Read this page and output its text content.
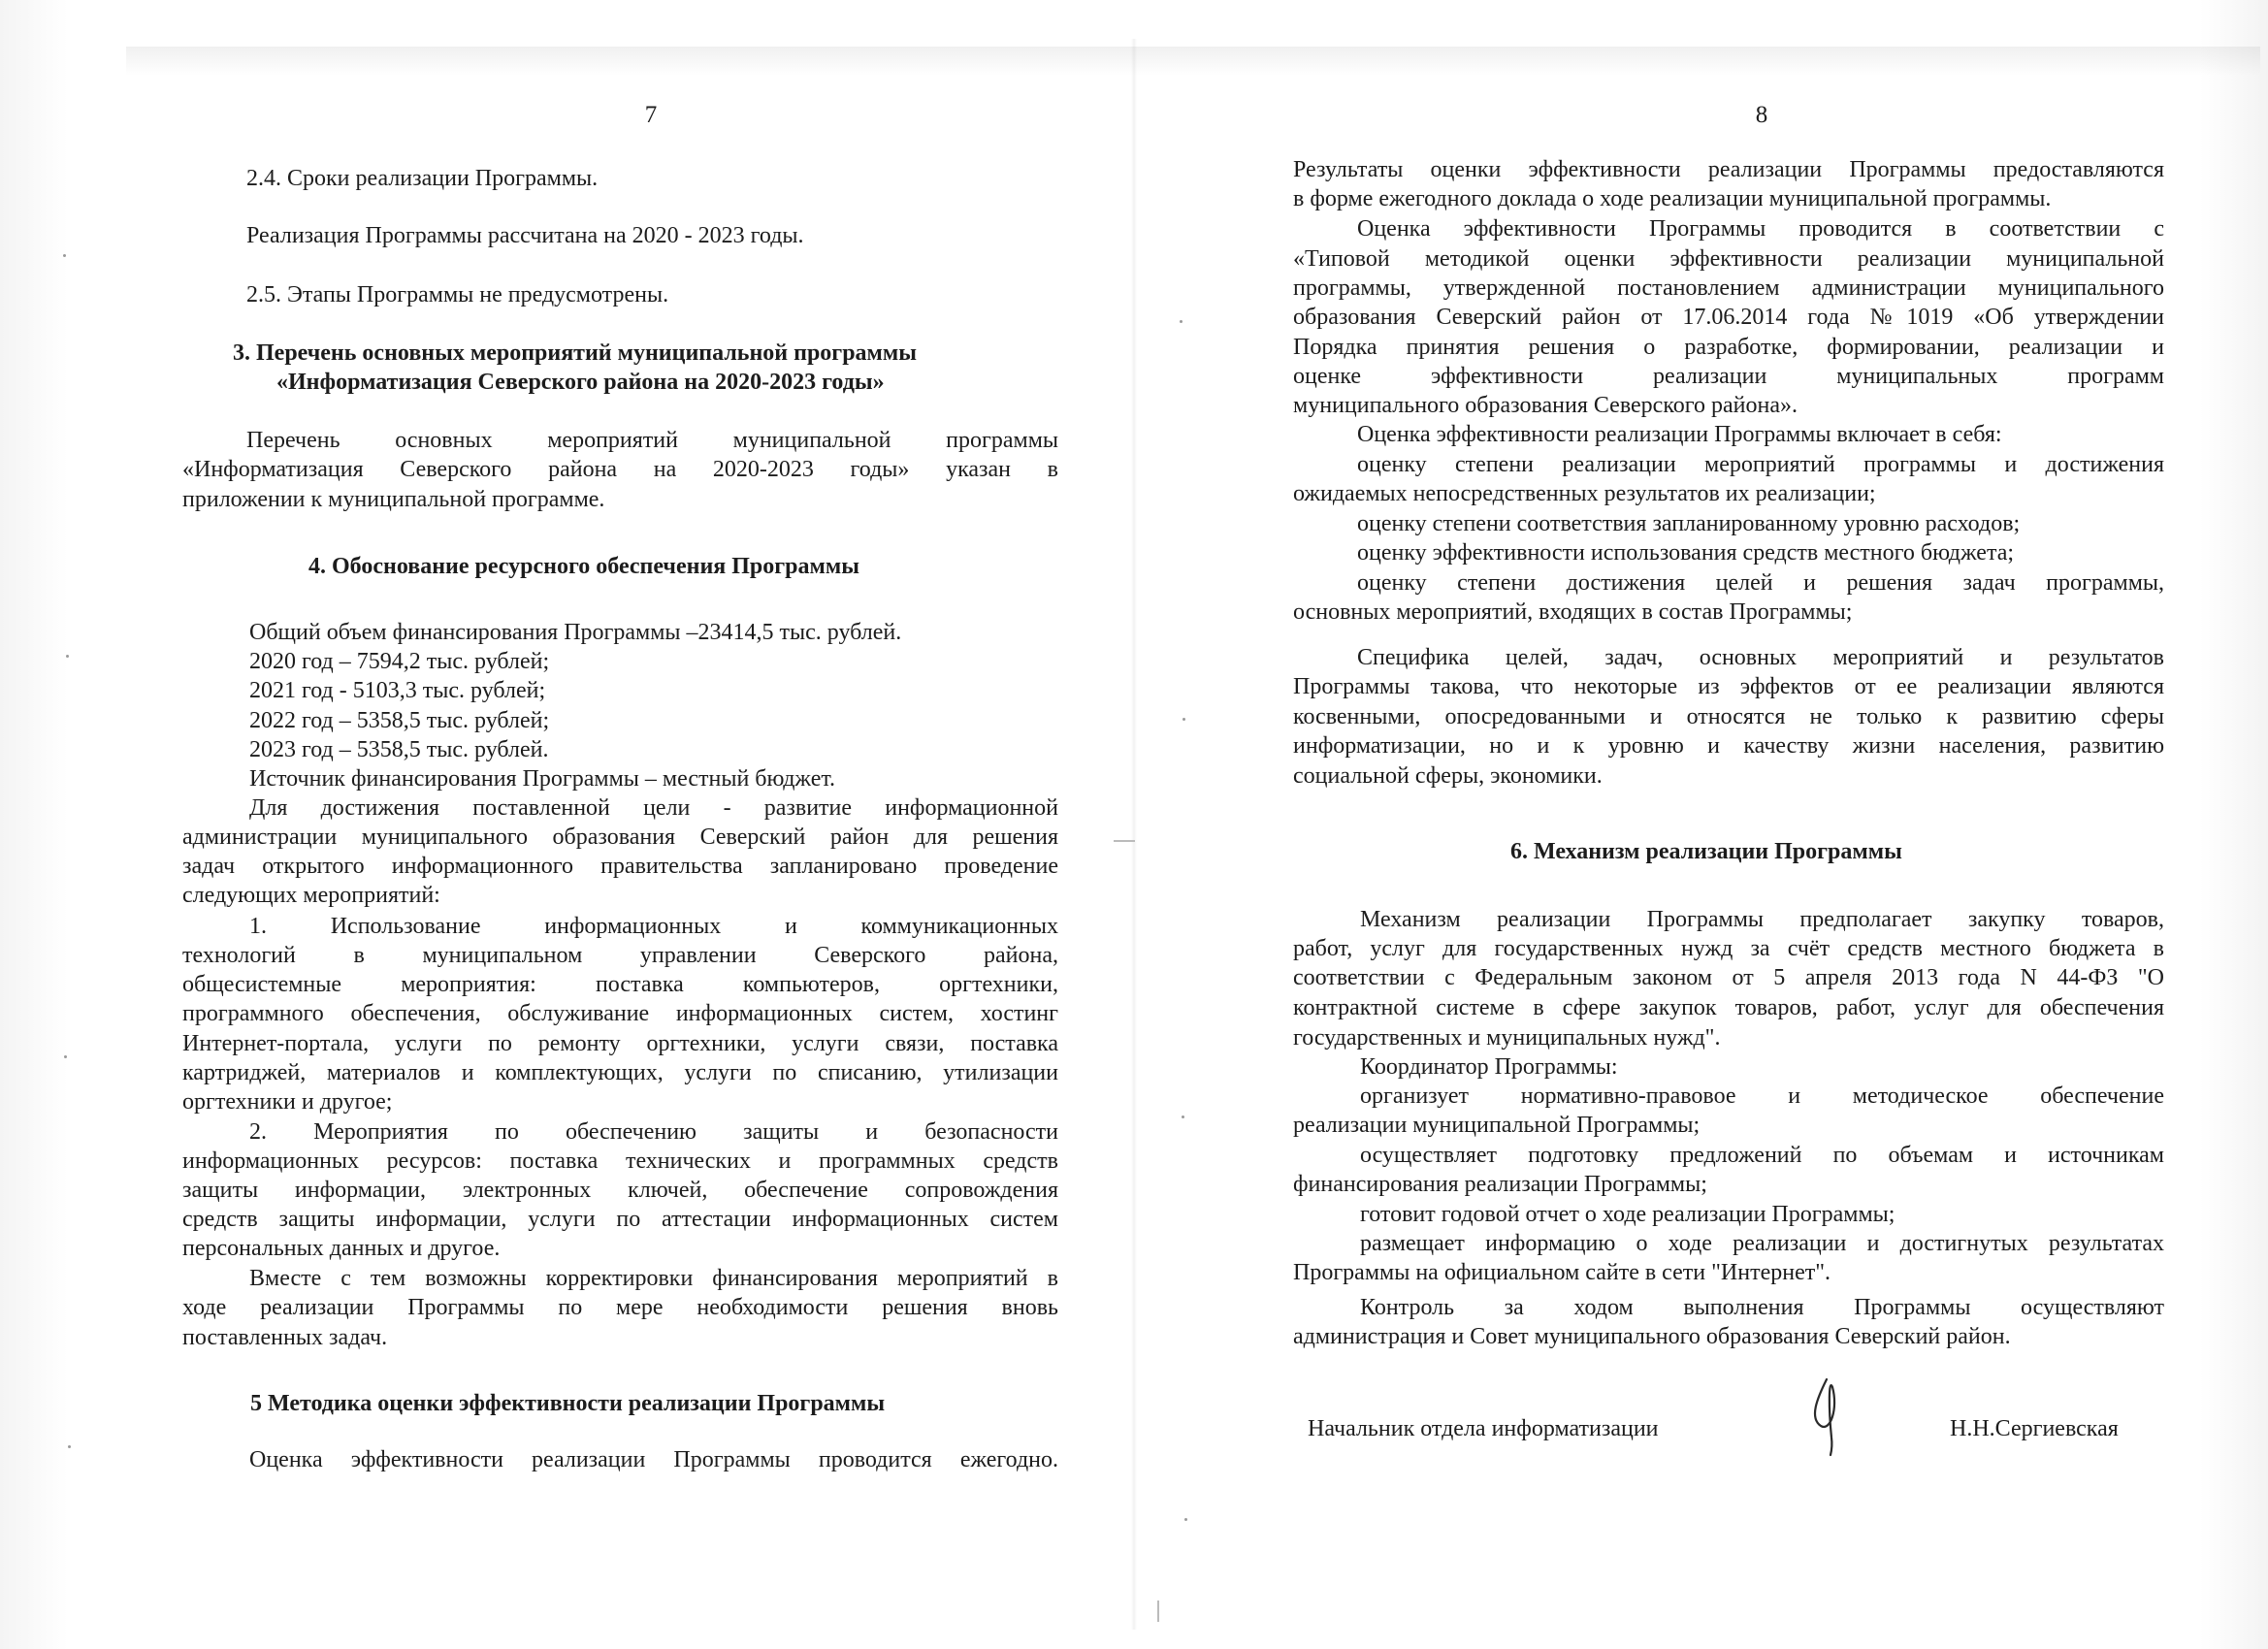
7
2.4. Сроки реализации Программы.
Реализация Программы рассчитана на 2020 - 2023 годы.
2.5. Этапы Программы не предусмотрены.
3. Перечень основных мероприятий муниципальной программы
«Информатизация Северского района на 2020-2023 годы»
Перечень основных мероприятий муниципальной программы
«Информатизация Северского района на 2020-2023 годы» указан в
приложении к муниципальной программе.
4. Обоснование ресурсного обеспечения Программы
Общий объем финансирования Программы –23414,5 тыс. рублей.
2020 год – 7594,2 тыс. рублей;
2021 год - 5103,3 тыс. рублей;
2022 год – 5358,5 тыс. рублей;
2023 год – 5358,5 тыс. рублей.
Источник финансирования Программы – местный бюджет.
Для достижения поставленной цели - развитие информационной
администрации муниципального образования Северский район для решения
задач открытого информационного правительства запланировано проведение
следующих мероприятий:
1. Использование информационных и коммуникационных
технологий в муниципальном управлении Северского района,
общесистемные мероприятия: поставка компьютеров, оргтехники,
программного обеспечения, обслуживание информационных систем, хостинг
Интернет-портала, услуги по ремонту оргтехники, услуги связи, поставка
картриджей, материалов и комплектующих, услуги по списанию, утилизации
оргтехники и другое;
2. Мероприятия по обеспечению защиты и безопасности
информационных ресурсов: поставка технических и программных средств
защиты информации, электронных ключей, обеспечение сопровождения
средств защиты информации, услуги по аттестации информационных систем
персональных данных и другое.
Вместе с тем возможны корректировки финансирования мероприятий в
ходе реализации Программы по мере необходимости решения вновь
поставленных задач.
5 Методика оценки эффективности реализации Программы
Оценка эффективности реализации Программы проводится ежегодно.
8
Результаты оценки эффективности реализации Программы предоставляются
в форме ежегодного доклада о ходе реализации муниципальной программы.
Оценка эффективности Программы проводится в соответствии с
«Типовой методикой оценки эффективности реализации муниципальной
программы, утвержденной постановлением администрации муниципального
образования Северский район от 17.06.2014 года №1019 «Об утверждении
Порядка принятия решения о разработке, формировании, реализации и
оценке эффективности реализации муниципальных программ
муниципального образования Северского района».
Оценка эффективности реализации Программы включает в себя:
оценку степени реализации мероприятий программы и достижения
ожидаемых непосредственных результатов их реализации;
оценку степени соответствия запланированному уровню расходов;
оценку эффективности использования средств местного бюджета;
оценку степени достижения целей и решения задач программы,
основных мероприятий, входящих в состав Программы;
Специфика целей, задач, основных мероприятий и результатов
Программы такова, что некоторые из эффектов от ее реализации являются
косвенными, опосредованными и относятся не только к развитию сферы
информатизации, но и к уровню и качеству жизни населения, развитию
социальной сферы, экономики.
6. Механизм реализации Программы
Механизм реализации Программы предполагает закупку товаров,
работ, услуг для государственных нужд за счёт средств местного бюджета в
соответствии с Федеральным законом от 5 апреля 2013 года N 44-ФЗ "О
контрактной системе в сфере закупок товаров, работ, услуг для обеспечения
государственных и муниципальных нужд".
Координатор Программы:
организует нормативно-правовое и методическое обеспечение
реализации муниципальной Программы;
осуществляет подготовку предложений по объемам и источникам
финансирования реализации Программы;
готовит годовой отчет о ходе реализации Программы;
размещает информацию о ходе реализации и достигнутых результатах
Программы на официальном сайте в сети "Интернет".
Контроль за ходом выполнения Программы осуществляют
администрация и Совет муниципального образования Северский район.
Начальник отдела информатизации	Н.Н.Сергиевская
